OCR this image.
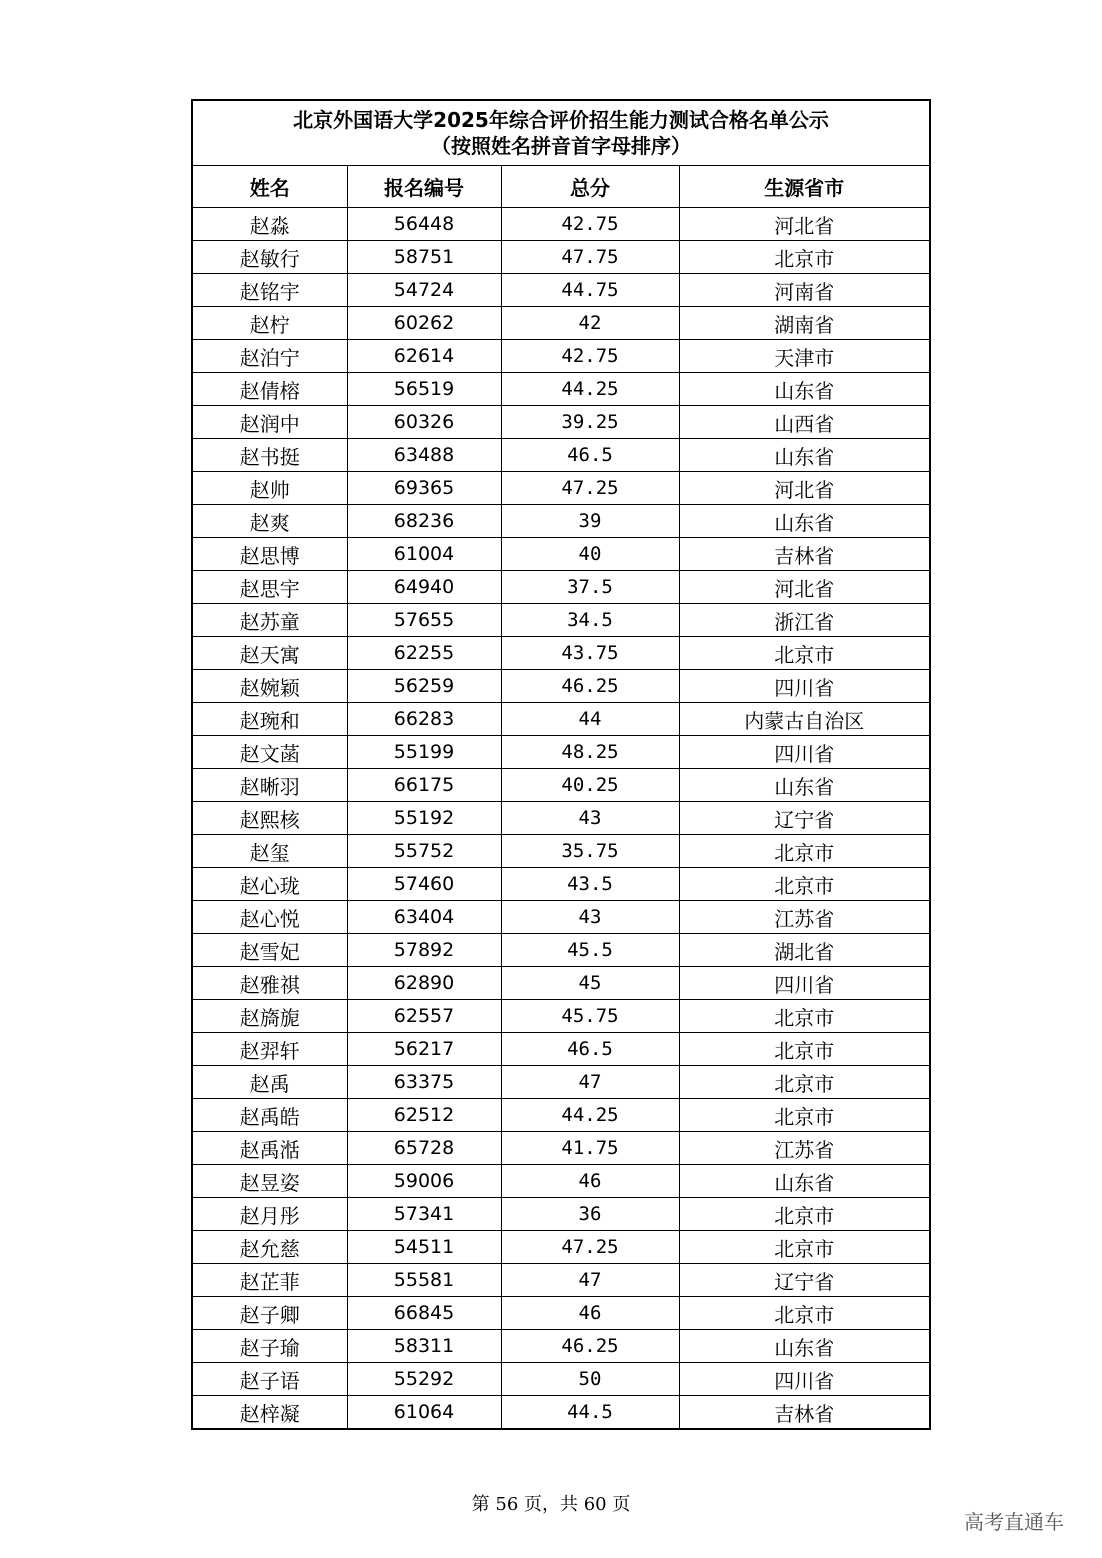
北京外国语大学2025年综合评价招生能力测试合格名单公示
（按照姓名拼音首字母排序）
姓名	报名编号	总分	生源省市
赵淼	56448	42.75	河北省
赵敏行	58751	47.75	北京市
赵铭宇	54724	44.75	河南省
赵柠	60262	42	湖南省
赵泊宁	62614	42.75	天津市
赵倩榕	56519	44.25	山东省
赵润中	60326	39.25	山西省
赵书挺	63488	46.5	山东省
赵帅	69365	47.25	河北省
赵爽	68236	39	山东省
赵思博	61004	40	吉林省
赵思宇	64940	37.5	河北省
赵苏童	57655	34.5	浙江省
赵天寓	62255	43.75	北京市
赵婉颖	56259	46.25	四川省
赵琬和	66283	44	内蒙古自治区
赵文菡	55199	48.25	四川省
赵晰羽	66175	40.25	山东省
赵熙核	55192	43	辽宁省
赵玺	55752	35.75	北京市
赵心珑	57460	43.5	北京市
赵心悦	63404	43	江苏省
赵雪妃	57892	45.5	湖北省
赵雅祺	62890	45	四川省
赵旖旎	62557	45.75	北京市
赵羿轩	56217	46.5	北京市
赵禹	63375	47	北京市
赵禹皓	62512	44.25	北京市
赵禹湉	65728	41.75	江苏省
赵昱姿	59006	46	山东省
赵月彤	57341	36	北京市
赵允慈	54511	47.25	北京市
赵芷菲	55581	47	辽宁省
赵子卿	66845	46	北京市
赵子瑜	58311	46.25	山东省
赵子语	55292	50	四川省
赵梓凝	61064	44.5	吉林省
第 56 页，共 60 页
高考直通车
